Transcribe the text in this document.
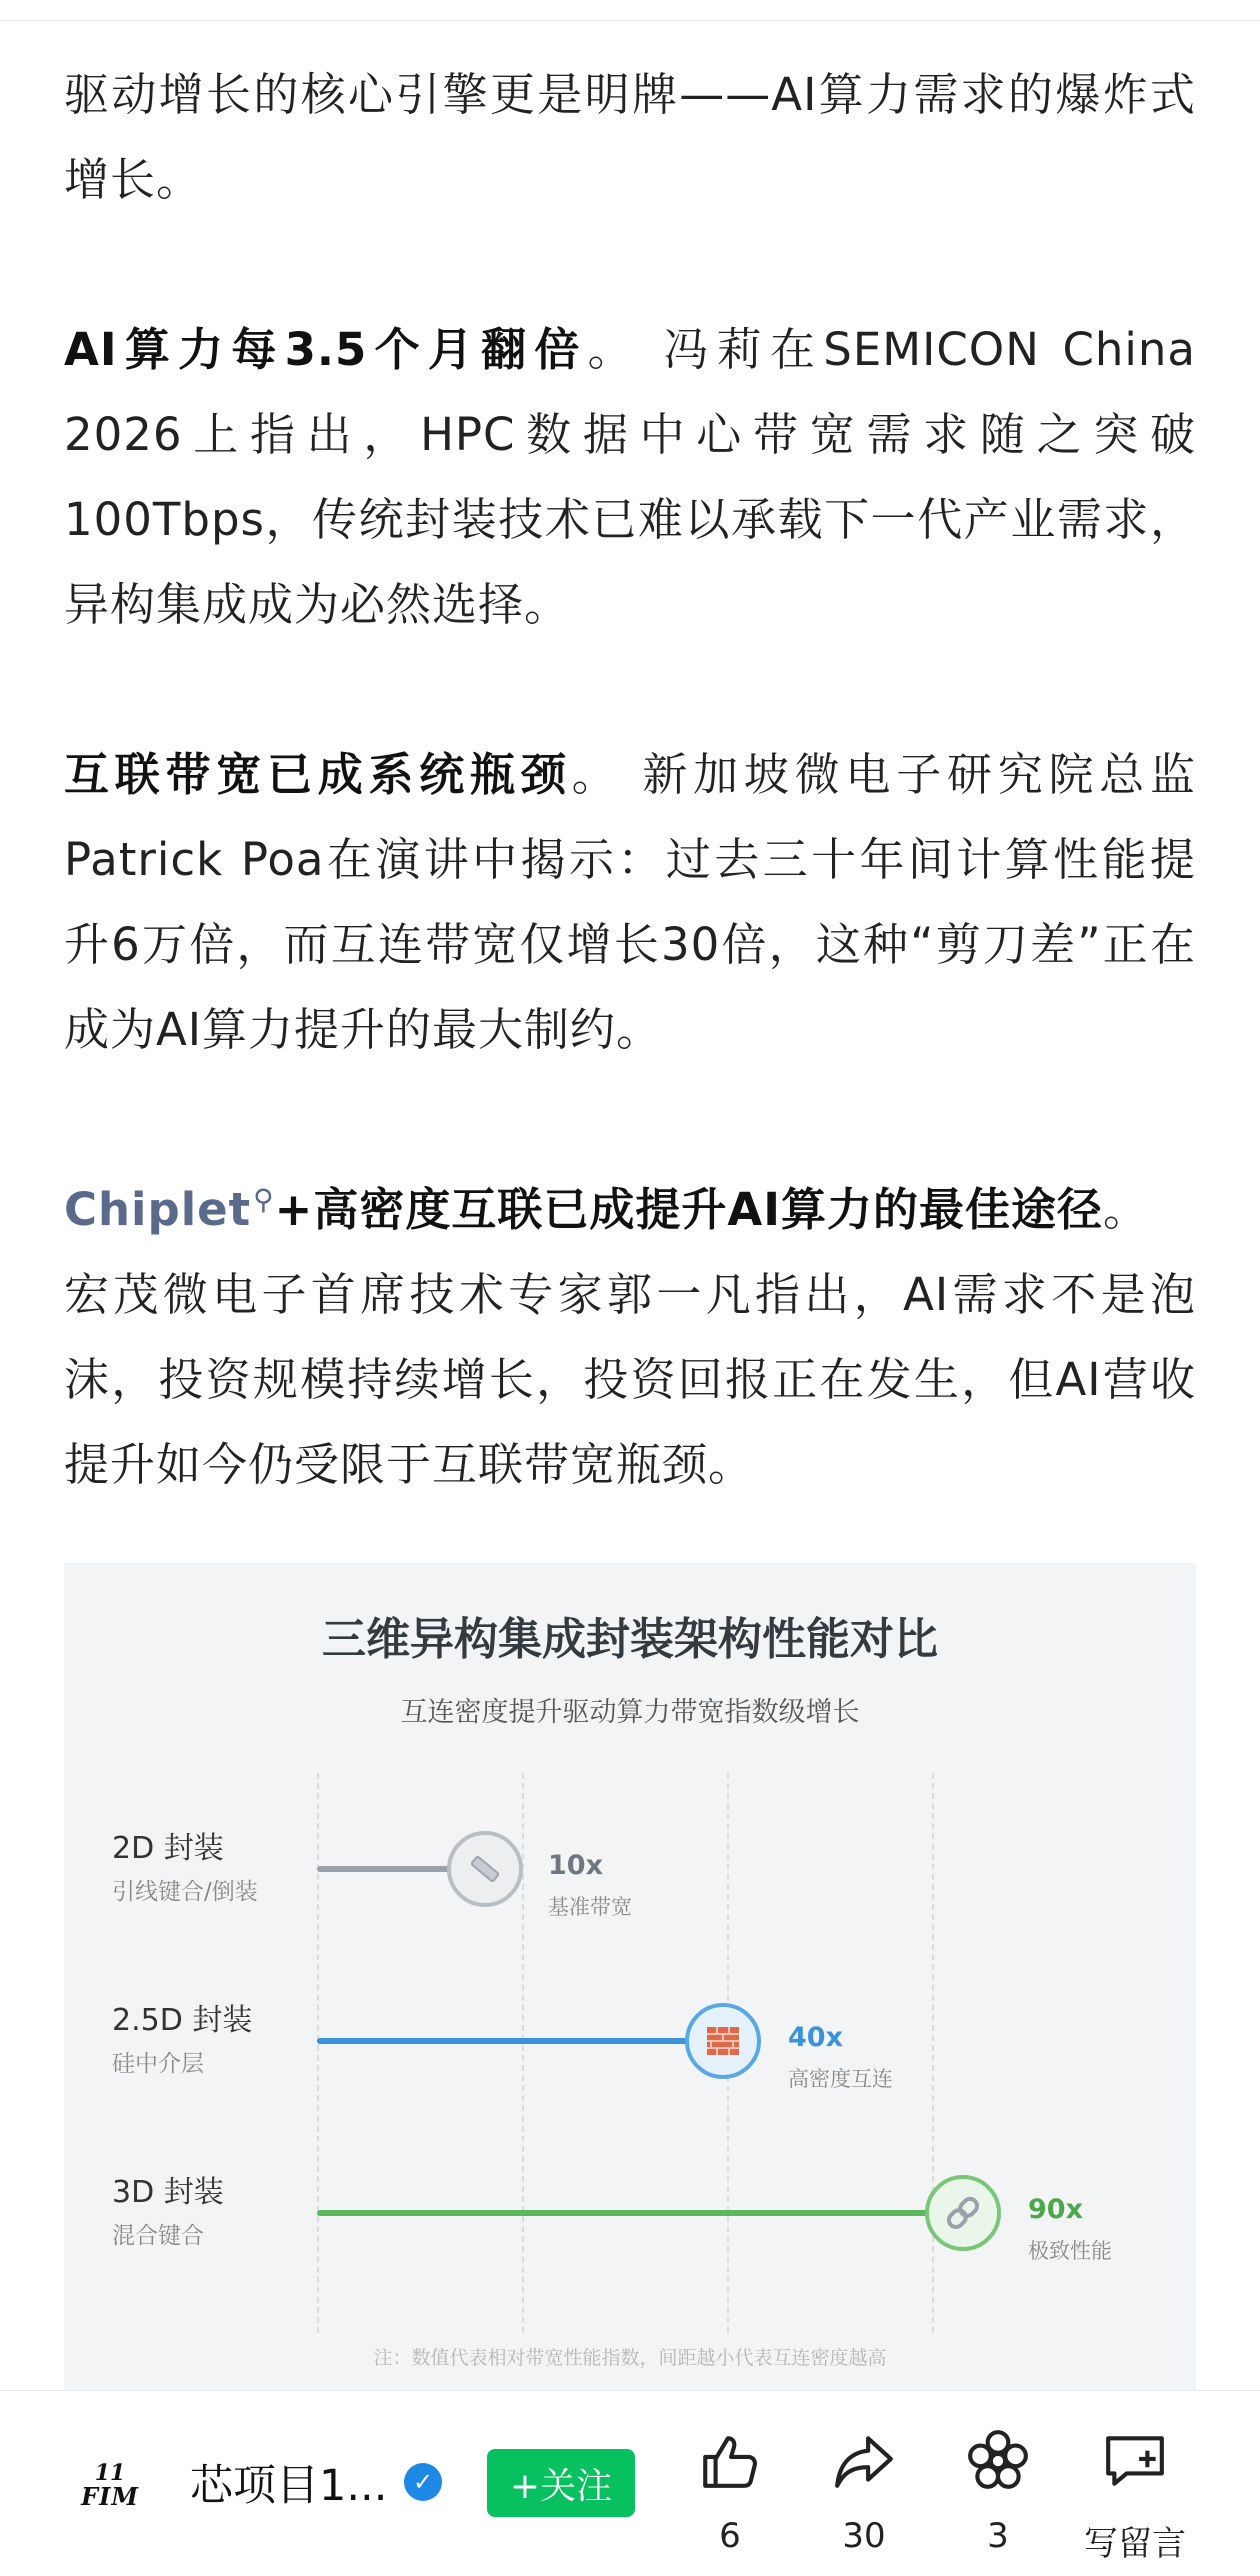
驱动增长的核心引擎更是明牌——AI算力需求的爆炸式增长。

AI算力每3.5个月翻倍。 冯莉在SEMICON China 2026上指出，HPC数据中心带宽需求随之突破100Tbps，传统封装技术已难以承载下一代产业需求，异构集成成为必然选择。

互联带宽已成系统瓶颈。 新加坡微电子研究院总监Patrick Poa在演讲中揭示：过去三十年间计算性能提升6万倍，而互连带宽仅增长30倍，这种“剪刀差”正在成为AI算力提升的最大制约。

Chiplet⚲+高密度互联已成提升AI算力的最佳途径。
宏茂微电子首席技术专家郭一凡指出，AI需求不是泡沫，投资规模持续增长，投资回报正在发生，但AI营收提升如今仍受限于互联带宽瓶颈。

三维异构集成封装架构性能对比
互连密度提升驱动算力带宽指数级增长
2D 封装
引线键合/倒装
10x
基准带宽
2.5D 封装
硅中介层
40x
高密度互连
3D 封装
混合键合
90x
极致性能
注：数值代表相对带宽性能指数，间距越小代表互连密度越高
11
FIM 芯项目1...	✓	+关注
6	30	3	写留言
